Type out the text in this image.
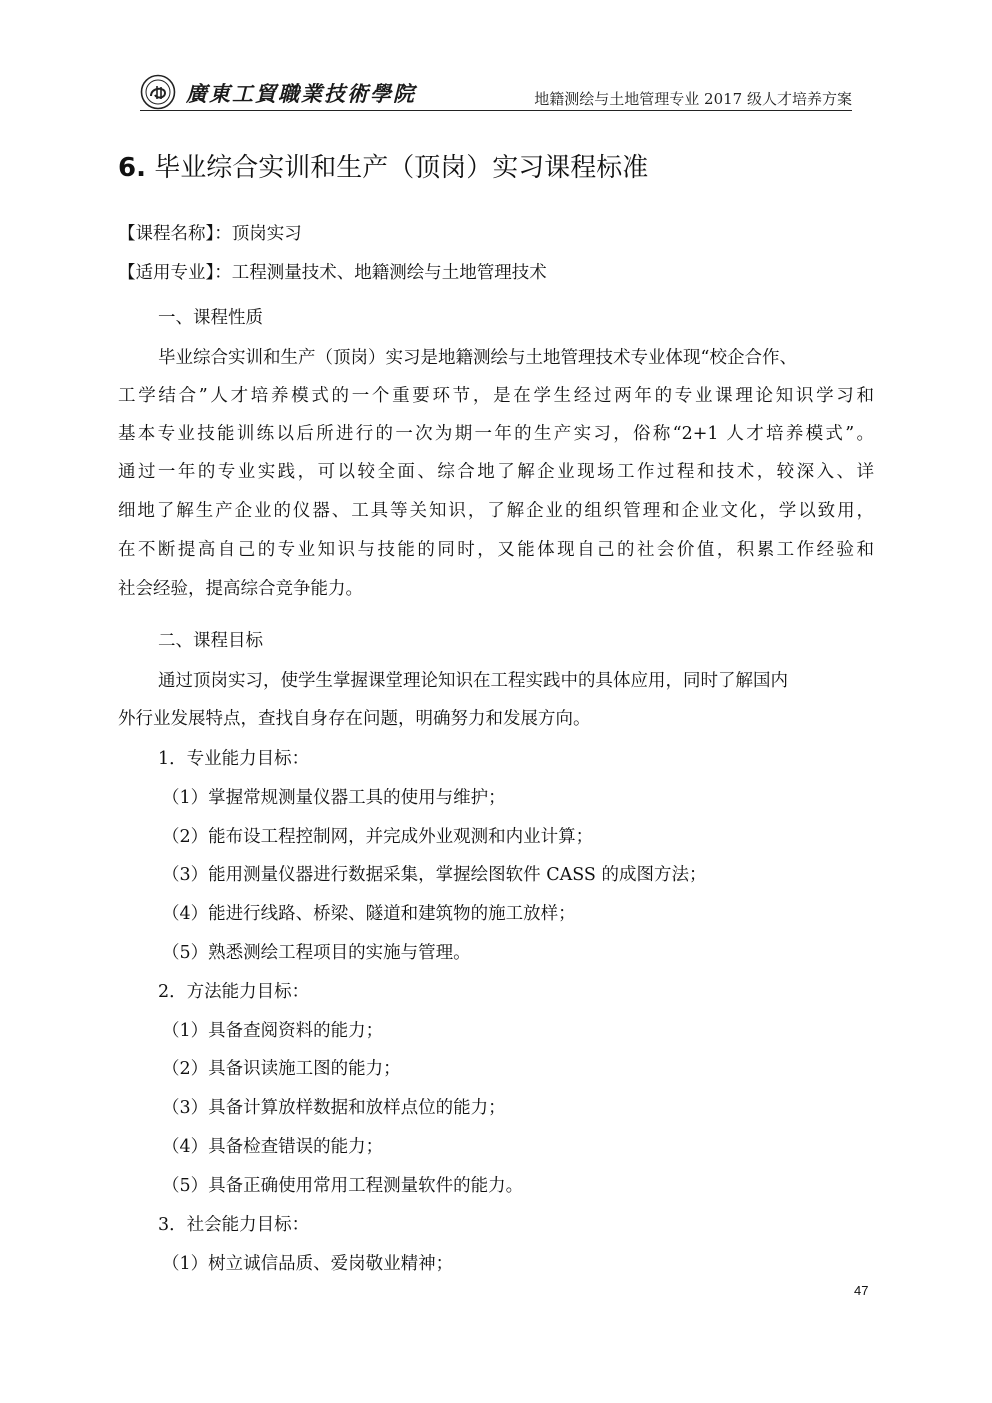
廣東工貿職業技術學院	地籍测绘与土地管理专业 2017 级人才培养方案
6. 毕业综合实训和生产（顶岗）实习课程标准
【课程名称】：顶岗实习
【适用专业】：工程测量技术、地籍测绘与土地管理技术
一、课程性质
毕业综合实训和生产（顶岗）实习是地籍测绘与土地管理技术专业体现“校企合作、
工学结合”人才培养模式的一个重要环节，是在学生经过两年的专业课理论知识学习和
基本专业技能训练以后所进行的一次为期一年的生产实习，俗称“2+1 人才培养模式”。
通过一年的专业实践，可以较全面、综合地了解企业现场工作过程和技术，较深入、详
细地了解生产企业的仪器、工具等关知识，了解企业的组织管理和企业文化，学以致用，
在不断提高自己的专业知识与技能的同时，又能体现自己的社会价值，积累工作经验和
社会经验，提高综合竞争能力。
二、课程目标
通过顶岗实习，使学生掌握课堂理论知识在工程实践中的具体应用，同时了解国内
外行业发展特点，查找自身存在问题，明确努力和发展方向。
1．专业能力目标：
（1）掌握常规测量仪器工具的使用与维护；
（2）能布设工程控制网，并完成外业观测和内业计算；
（3）能用测量仪器进行数据采集，掌握绘图软件 CASS 的成图方法；
（4）能进行线路、桥梁、隧道和建筑物的施工放样；
（5）熟悉测绘工程项目的实施与管理。
2．方法能力目标：
（1）具备查阅资料的能力；
（2）具备识读施工图的能力；
（3）具备计算放样数据和放样点位的能力；
（4）具备检查错误的能力；
（5）具备正确使用常用工程测量软件的能力。
3．社会能力目标：
（1）树立诚信品质、爱岗敬业精神；
47
